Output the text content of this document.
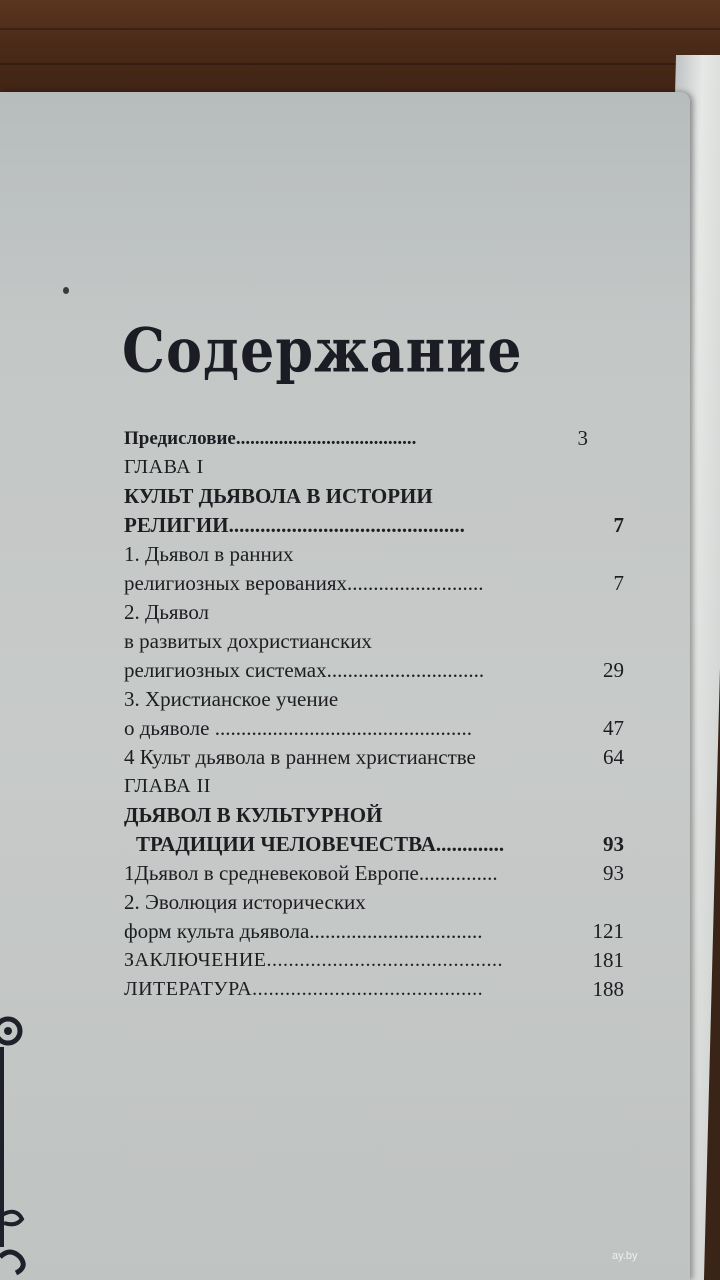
Содержание
Предисловие......................................	3
ГЛАВА I
КУЛЬТ ДЬЯВОЛА В ИСТОРИИ
РЕЛИГИИ.............................................	7
1. Дьявол в ранних
религиозных верованиях..........................	7
2. Дьявол
в развитых дохристианских
религиозных системах..............................	29
3. Христианское учение
о дьяволе .................................................	47
4 Культ дьявола в раннем христианстве	64
ГЛАВА II
ДЬЯВОЛ В КУЛЬТУРНОЙ
ТРАДИЦИИ ЧЕЛОВЕЧЕСТВА.............	93
1Дьявол в средневековой Европе...............	93
2. Эволюция исторических
форм культа дьявола.................................	121
ЗАКЛЮЧЕНИЕ...........................................	181
ЛИТЕРАТУРА..........................................	188
ay.by
